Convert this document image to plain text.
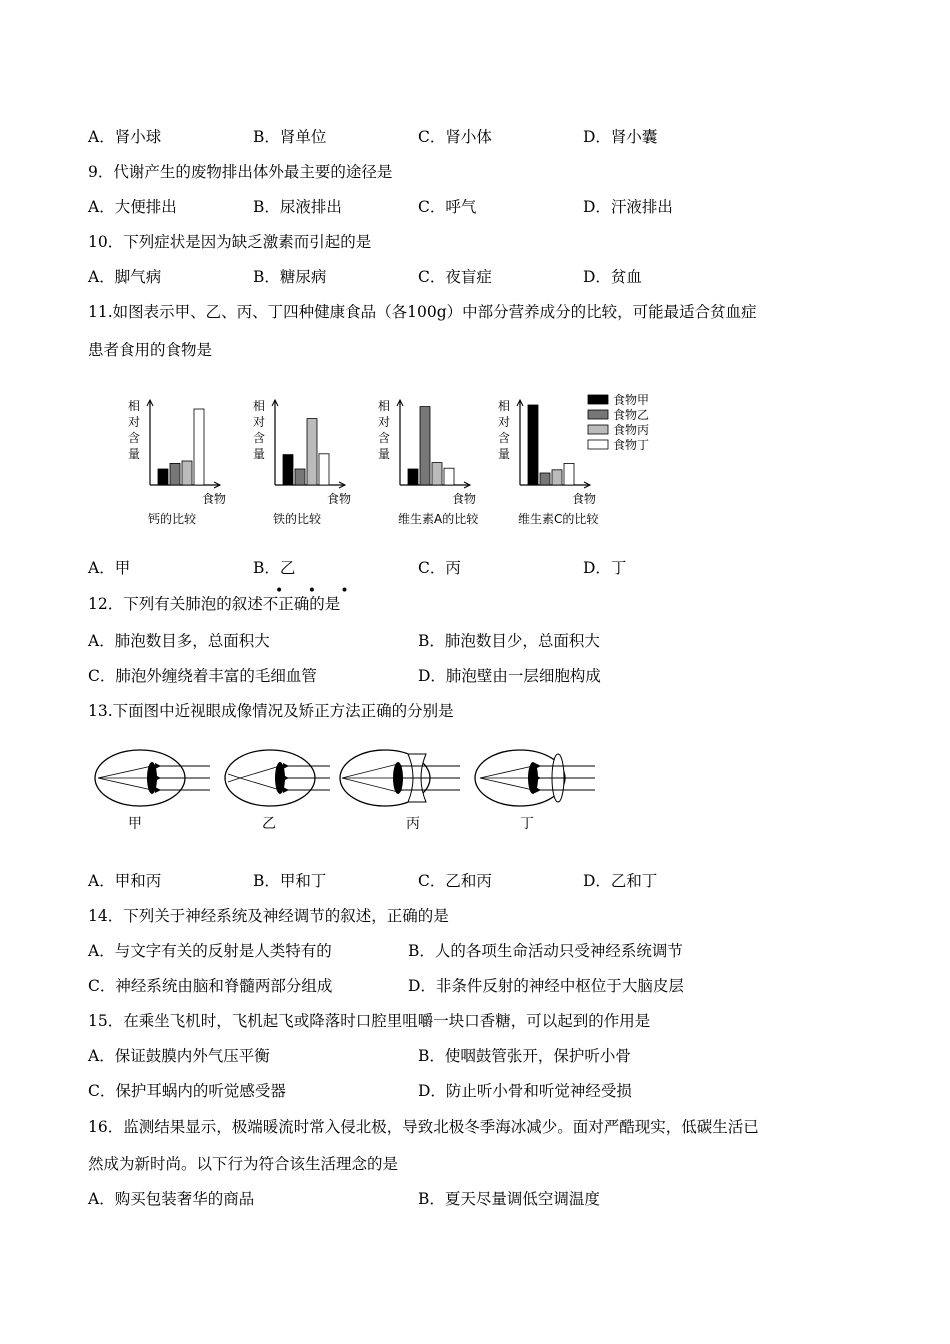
A．肾小球	B．肾单位	C．肾小体	D．肾小囊
9．代谢产生的废物排出体外最主要的途径是
A．大便排出	B．尿液排出	C．呼气	D．汗液排出
10．下列症状是因为缺乏激素而引起的是
A．脚气病	B．糖尿病	C．夜盲症	D．贫血
11.如图表示甲、乙、丙、丁四种健康食品（各100g）中部分营养成分的比较，可能最适合贫血症
患者食用的食物是
相
对
含
量
食物
钙的比较
相
对
含
量
食物
铁的比较
相
对
含
量
食物
维生素A的比较
相
对
含
量
食物
维生素C的比较
食物甲
食物乙
食物丙
食物丁
A．甲	B．乙	C．丙	D．丁
12．下列有关肺泡的叙述不正确的是
• • •
A．肺泡数目多，总面积大	B．肺泡数目少，总面积大
C．肺泡外缠绕着丰富的毛细血管	D．肺泡壁由一层细胞构成
13.下面图中近视眼成像情况及矫正方法正确的分别是
甲	乙	丙	丁
A．甲和丙	B．甲和丁	C．乙和丙	D．乙和丁
14．下列关于神经系统及神经调节的叙述，正确的是
A．与文字有关的反射是人类特有的	B．人的各项生命活动只受神经系统调节
C．神经系统由脑和脊髓两部分组成	D．非条件反射的神经中枢位于大脑皮层
15．在乘坐飞机时，飞机起飞或降落时口腔里咀嚼一块口香糖，可以起到的作用是
A．保证鼓膜内外气压平衡	B．使咽鼓管张开，保护听小骨
C．保护耳蜗内的听觉感受器	D．防止听小骨和听觉神经受损
16．监测结果显示，极端暖流时常入侵北极，导致北极冬季海冰减少。面对严酷现实，低碳生活已
然成为新时尚。以下行为符合该生活理念的是
A．购买包装奢华的商品	B．夏天尽量调低空调温度
